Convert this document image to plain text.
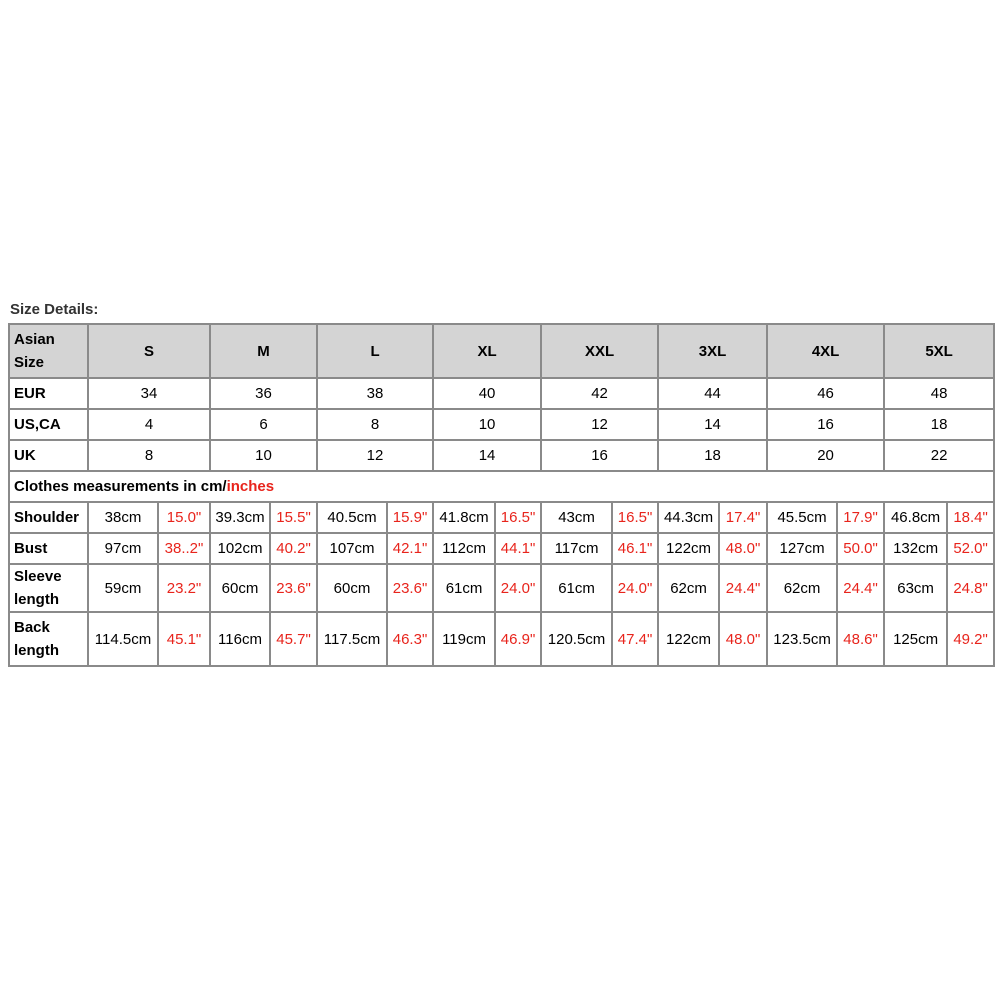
Size Details:
Asian Size	S		M		L		XL		XXL		3XL		4XL		5XL	
EUR	34		36		38		40		42		44		46		48	
US,CA	4		6		8		10		12		14		16		18	
UK	8		10		12		14		16		18		20		22	
Clothes measurements in cm/inches																
Shoulder	38cm	15.0"	39.3cm	15.5"	40.5cm	15.9"	41.8cm	16.5"	43cm	16.5"	44.3cm	17.4"	45.5cm	17.9"	46.8cm	18.4"
Bust	97cm	38..2"	102cm	40.2"	107cm	42.1"	112cm	44.1"	117cm	46.1"	122cm	48.0"	127cm	50.0"	132cm	52.0"
Sleeve length	59cm	23.2"	60cm	23.6"	60cm	23.6"	61cm	24.0"	61cm	24.0"	62cm	24.4"	62cm	24.4"	63cm	24.8"
Back length	114.5cm	45.1"	116cm	45.7"	117.5cm	46.3"	119cm	46.9"	120.5cm	47.4"	122cm	48.0"	123.5cm	48.6"	125cm	49.2"
